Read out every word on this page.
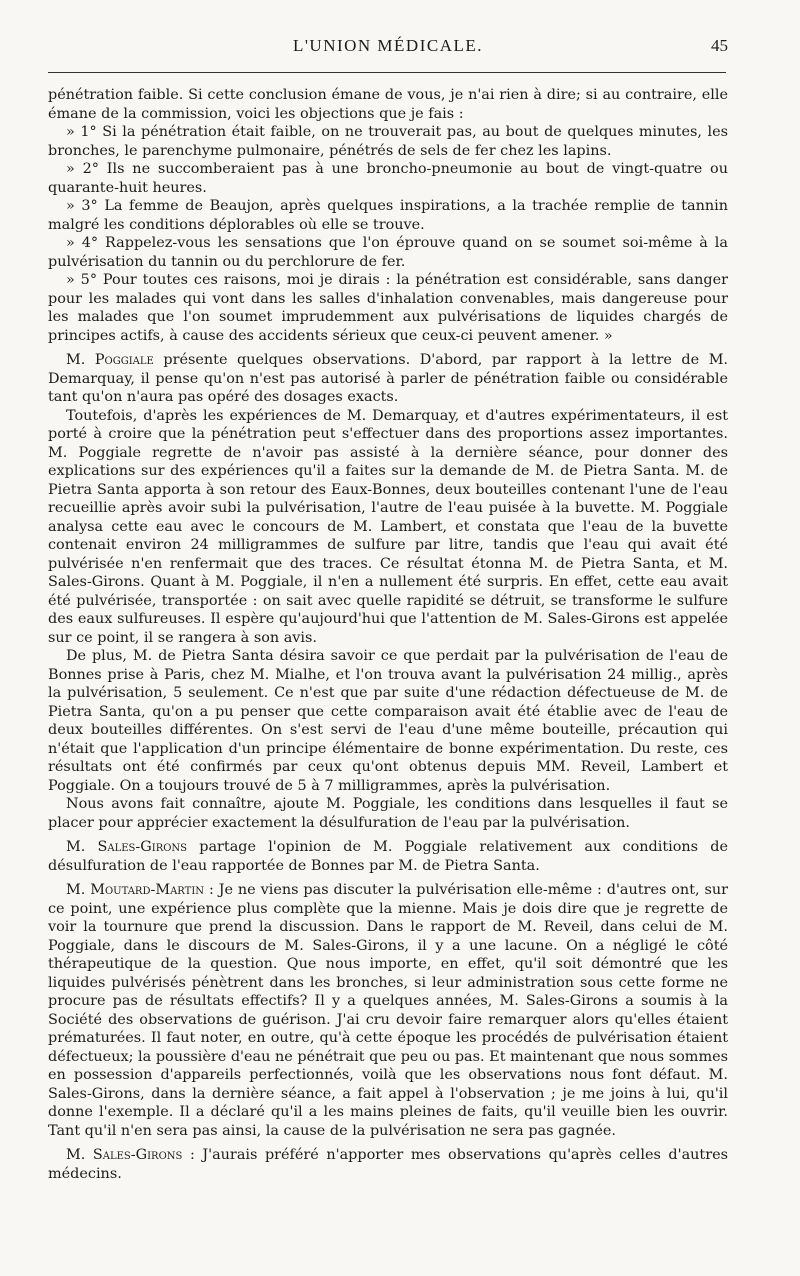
L'UNION MÉDICALE.	45

pénétration faible. Si cette conclusion émane de vous, je n'ai rien à dire; si au contraire, elle émane de la commission, voici les objections que je fais :

» 1° Si la pénétration était faible, on ne trouverait pas, au bout de quelques minutes, les bronches, le parenchyme pulmonaire, pénétrés de sels de fer chez les lapins.

» 2° Ils ne succomberaient pas à une broncho-pneumonie au bout de vingt-quatre ou quarante-huit heures.

» 3° La femme de Beaujon, après quelques inspirations, a la trachée remplie de tannin malgré les conditions déplorables où elle se trouve.

» 4° Rappelez-vous les sensations que l'on éprouve quand on se soumet soi-même à la pulvérisation du tannin ou du perchlorure de fer.

» 5° Pour toutes ces raisons, moi je dirais : la pénétration est considérable, sans danger pour les malades qui vont dans les salles d'inhalation convenables, mais dangereuse pour les malades que l'on soumet imprudemment aux pulvérisations de liquides chargés de principes actifs, à cause des accidents sérieux que ceux-ci peuvent amener. »

M. Poggiale présente quelques observations. D'abord, par rapport à la lettre de M. Demarquay, il pense qu'on n'est pas autorisé à parler de pénétration faible ou considérable tant qu'on n'aura pas opéré des dosages exacts.

Toutefois, d'après les expériences de M. Demarquay, et d'autres expérimentateurs, il est porté à croire que la pénétration peut s'effectuer dans des proportions assez importantes. M. Poggiale regrette de n'avoir pas assisté à la dernière séance, pour donner des explications sur des expériences qu'il a faites sur la demande de M. de Pietra Santa. M. de Pietra Santa apporta à son retour des Eaux-Bonnes, deux bouteilles contenant l'une de l'eau recueillie après avoir subi la pulvérisation, l'autre de l'eau puisée à la buvette. M. Poggiale analysa cette eau avec le concours de M. Lambert, et constata que l'eau de la buvette contenait environ 24 milligrammes de sulfure par litre, tandis que l'eau qui avait été pulvérisée n'en renfermait que des traces. Ce résultat étonna M. de Pietra Santa, et M. Sales-Girons. Quant à M. Poggiale, il n'en a nullement été surpris. En effet, cette eau avait été pulvérisée, transportée : on sait avec quelle rapidité se détruit, se transforme le sulfure des eaux sulfureuses. Il espère qu'aujourd'hui que l'attention de M. Sales-Girons est appelée sur ce point, il se rangera à son avis.

De plus, M. de Pietra Santa désira savoir ce que perdait par la pulvérisation de l'eau de Bonnes prise à Paris, chez M. Mialhe, et l'on trouva avant la pulvérisation 24 millig., après la pulvérisation, 5 seulement. Ce n'est que par suite d'une rédaction défectueuse de M. de Pietra Santa, qu'on a pu penser que cette comparaison avait été établie avec de l'eau de deux bouteilles différentes. On s'est servi de l'eau d'une même bouteille, précaution qui n'était que l'application d'un principe élémentaire de bonne expérimentation. Du reste, ces résultats ont été confirmés par ceux qu'ont obtenus depuis MM. Reveil, Lambert et Poggiale. On a toujours trouvé de 5 à 7 milligrammes, après la pulvérisation.

Nous avons fait connaître, ajoute M. Poggiale, les conditions dans lesquelles il faut se placer pour apprécier exactement la désulfuration de l'eau par la pulvérisation.

M. Sales-Girons partage l'opinion de M. Poggiale relativement aux conditions de désulfuration de l'eau rapportée de Bonnes par M. de Pietra Santa.

M. Moutard-Martin : Je ne viens pas discuter la pulvérisation elle-même : d'autres ont, sur ce point, une expérience plus complète que la mienne. Mais je dois dire que je regrette de voir la tournure que prend la discussion. Dans le rapport de M. Reveil, dans celui de M. Poggiale, dans le discours de M. Sales-Girons, il y a une lacune. On a négligé le côté thérapeutique de la question. Que nous importe, en effet, qu'il soit démontré que les liquides pulvérisés pénètrent dans les bronches, si leur administration sous cette forme ne procure pas de résultats effectifs? Il y a quelques années, M. Sales-Girons a soumis à la Société des observations de guérison. J'ai cru devoir faire remarquer alors qu'elles étaient prématurées. Il faut noter, en outre, qu'à cette époque les procédés de pulvérisation étaient défectueux; la poussière d'eau ne pénétrait que peu ou pas. Et maintenant que nous sommes en possession d'appareils perfectionnés, voilà que les observations nous font défaut. M. Sales-Girons, dans la dernière séance, a fait appel à l'observation ; je me joins à lui, qu'il donne l'exemple. Il a déclaré qu'il a les mains pleines de faits, qu'il veuille bien les ouvrir. Tant qu'il n'en sera pas ainsi, la cause de la pulvérisation ne sera pas gagnée.

M. Sales-Girons : J'aurais préféré n'apporter mes observations qu'après celles d'autres médecins.
